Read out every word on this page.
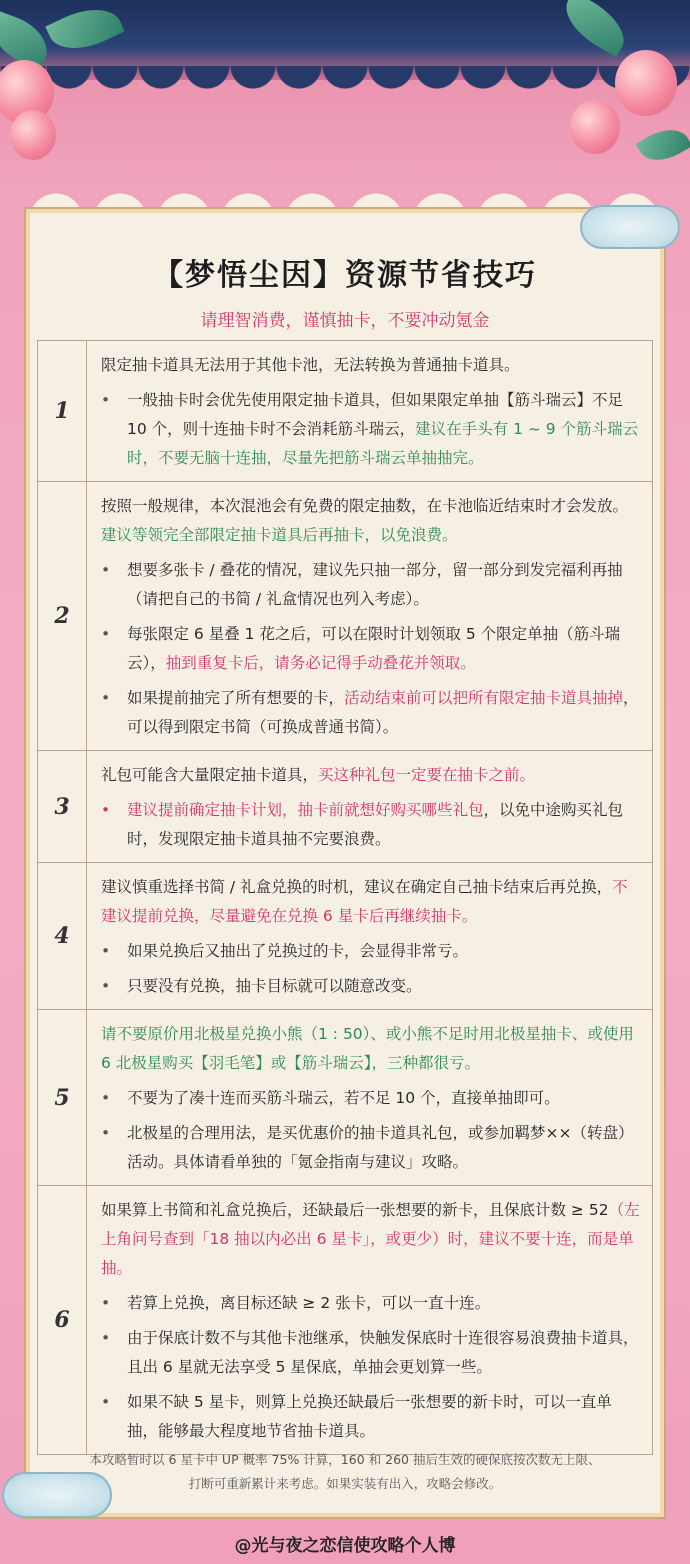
【梦悟尘因】资源节省技巧
请理智消费，谨慎抽卡，不要冲动氪金
1

限定抽卡道具无法用于其他卡池，无法转换为普通抽卡道具。

• 一般抽卡时会优先使用限定抽卡道具，但如果限定单抽【筋斗瑞云】不足 10 个，则十连抽卡时不会消耗筋斗瑞云，建议在手头有 1 ~ 9 个筋斗瑞云时，不要无脑十连抽，尽量先把筋斗瑞云单抽抽完。
2

按照一般规律，本次混池会有免费的限定抽数，在卡池临近结束时才会发放。建议等领完全部限定抽卡道具后再抽卡，以免浪费。

• 想要多张卡 / 叠花的情况，建议先只抽一部分，留一部分到发完福利再抽（请把自己的书简 / 礼盒情况也列入考虑）。
• 每张限定 6 星叠 1 花之后，可以在限时计划领取 5 个限定单抽（筋斗瑞云），抽到重复卡后，请务必记得手动叠花并领取。
• 如果提前抽完了所有想要的卡，活动结束前可以把所有限定抽卡道具抽掉，可以得到限定书简（可换成普通书简）。
3

礼包可能含大量限定抽卡道具，买这种礼包一定要在抽卡之前。

• 建议提前确定抽卡计划，抽卡前就想好购买哪些礼包，以免中途购买礼包时，发现限定抽卡道具抽不完要浪费。
4

建议慎重选择书简 / 礼盒兑换的时机，建议在确定自己抽卡结束后再兑换，不建议提前兑换，尽量避免在兑换 6 星卡后再继续抽卡。

• 如果兑换后又抽出了兑换过的卡，会显得非常亏。
• 只要没有兑换，抽卡目标就可以随意改变。
5

请不要原价用北极星兑换小熊（1 : 50）、或小熊不足时用北极星抽卡、或使用 6 北极星购买【羽毛笔】或【筋斗瑞云】，三种都很亏。

• 不要为了凑十连而买筋斗瑞云，若不足 10 个，直接单抽即可。
• 北极星的合理用法，是买优惠价的抽卡道具礼包，或参加羁梦××（转盘）活动。具体请看单独的「氪金指南与建议」攻略。
6

如果算上书简和礼盒兑换后，还缺最后一张想要的新卡，且保底计数 ≥ 52（左上角问号查到「18 抽以内必出 6 星卡」，或更少）时，建议不要十连，而是单抽。

• 若算上兑换，离目标还缺 ≥ 2 张卡，可以一直十连。
• 由于保底计数不与其他卡池继承，快触发保底时十连很容易浪费抽卡道具，且出 6 星就无法享受 5 星保底，单抽会更划算一些。
• 如果不缺 5 星卡，则算上兑换还缺最后一张想要的新卡时，可以一直单抽，能够最大程度地节省抽卡道具。
本攻略暂时以 6 星卡中 UP 概率 75% 计算，160 和 260 抽后生效的硬保底按次数无上限、
打断可重新累计来考虑。如果实装有出入，攻略会修改。
@光与夜之恋信使攻略个人博
